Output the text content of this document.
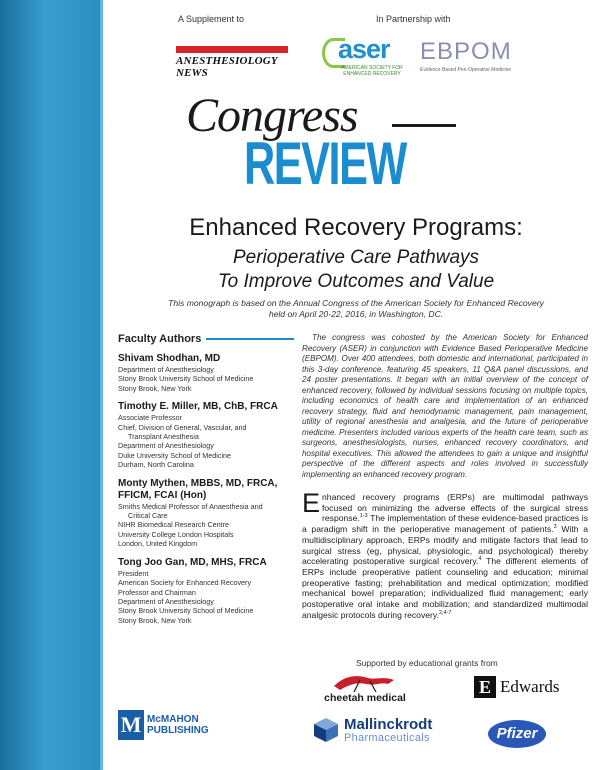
A Supplement to	In Partnership with
ANESTHESIOLOGY NEWS
aser
AMERICAN SOCIETY FOR ENHANCED RECOVERY
EBPOM
Evidence Based Peri-Operative Medicine
Congress
REVIEW
Enhanced Recovery Programs:
Perioperative Care Pathways
To Improve Outcomes and Value
This monograph is based on the Annual Congress of the American Society for Enhanced Recovery
held on April 20-22, 2016, in Washington, DC.
Faculty Authors
Shivam Shodhan, MD
Department of Anesthesiology
Stony Brook University School of Medicine
Stony Brook, New York
Timothy E. Miller, MB, ChB, FRCA
Associate Professor
Chief, Division of General, Vascular, and
Transplant Anesthesia
Department of Anesthesiology
Duke University School of Medicine
Durham, North Carolina
Monty Mythen, MBBS, MD, FRCA,
FFICM, FCAI (Hon)
Smiths Medical Professor of Anaesthesia and
Critical Care
NIHR Biomedical Research Centre
University College London Hospitals
London, United Kingdom
Tong Joo Gan, MD, MHS, FRCA
President
American Society for Enhanced Recovery
Professor and Chairman
Department of Anesthesiology
Stony Brook University School of Medicine
Stony Brook, New York
The congress was cohosted by the American Society for Enhanced Recovery (ASER) in conjunction with Evidence Based Perioperative Medicine (EBPOM). Over 400 attendees, both domestic and international, participated in this 3-day conference, featuring 45 speakers, 11 Q&A panel discussions, and 24 poster presentations. It began with an initial overview of the concept of enhanced recovery, followed by individual sessions focusing on multiple topics, including economics of health care and implementation of an enhanced recovery strategy, fluid and hemodynamic management, pain management, utility of regional anesthesia and analgesia, and the future of perioperative medicine. Presenters included various experts of the health care team, such as surgeons, anesthesiologists, nurses, enhanced recovery coordinators, and hospital executives. This allowed the attendees to gain a unique and insightful perspective of the different aspects and roles involved in successfully implementing an enhanced recovery program.
Enhanced recovery programs (ERPs) are multimodal pathways focused on minimizing the adverse effects of the surgical stress response.$^{1-3}$ The implementation of these evidence-based practices is a paradigm shift in the perioperative management of patients.$^3$ With a multidisciplinary approach, ERPs modify and mitigate factors that lead to surgical stress (eg, physical, physiologic, and psychological) thereby accelerating postoperative surgical recovery.$^4$ The different elements of ERPs include preoperative patient counseling and education; minimal preoperative fasting; prehabilitation and medical optimization; modified mechanical bowel preparation; individualized fluid management; early postoperative oral intake and mobilization; and standardized multimodal analgesic protocols during recovery.$^{2,4-7}$
Supported by educational grants from
cheetah medical
E Edwards
Mallinckrodt
Pharmaceuticals	Pfizer
M McMAHON
PUBLISHING
